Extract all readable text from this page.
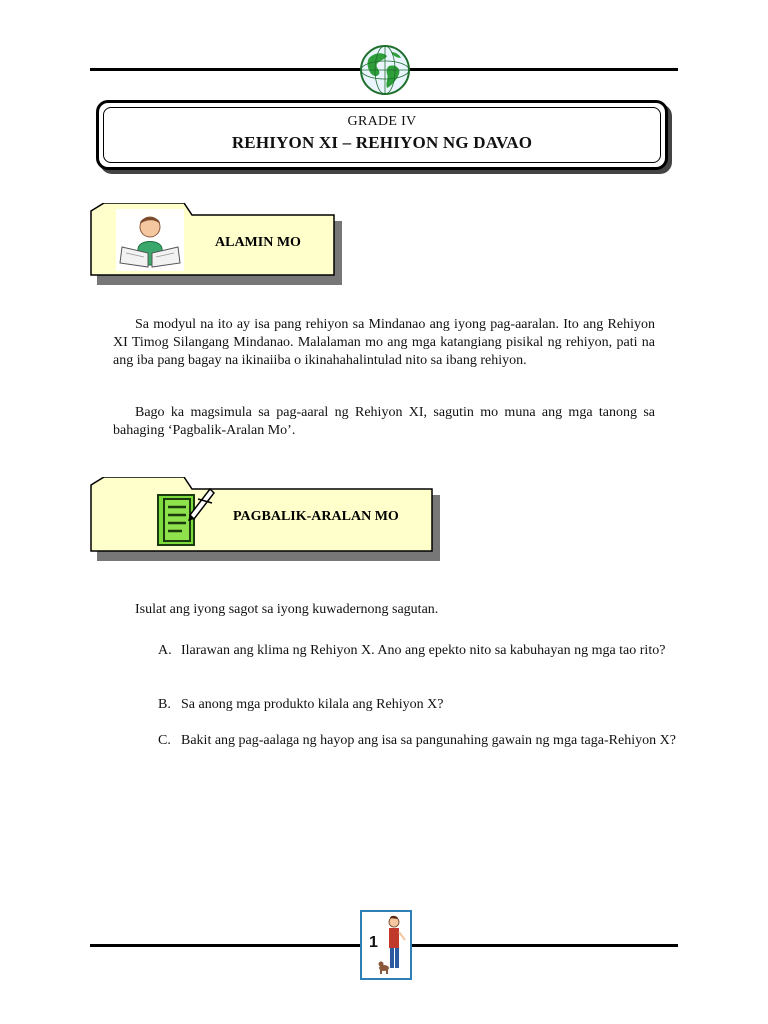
GRADE IV
REHIYON XI – REHIYON NG DAVAO
ALAMIN MO
Sa modyul na ito ay isa pang rehiyon sa Mindanao ang iyong pag-aaralan. Ito ang Rehiyon XI Timog Silangang Mindanao. Malalaman mo ang mga katangiang pisikal ng rehiyon, pati na ang iba pang bagay na ikinaiiba o ikinahahalintulad nito sa ibang rehiyon.
Bago ka magsimula sa pag-aaral ng Rehiyon XI, sagutin mo muna ang mga tanong sa bahaging ‘Pagbalik-Aralan Mo’.
PAGBALIK-ARALAN MO
Isulat ang iyong sagot sa iyong kuwadernong sagutan.
A. Ilarawan ang klima ng Rehiyon X. Ano ang epekto nito sa kabuhayan ng mga tao rito?
B. Sa anong mga produkto kilala ang Rehiyon X?
C. Bakit ang pag-aalaga ng hayop ang isa sa pangunahing gawain ng mga taga-Rehiyon X?
1
